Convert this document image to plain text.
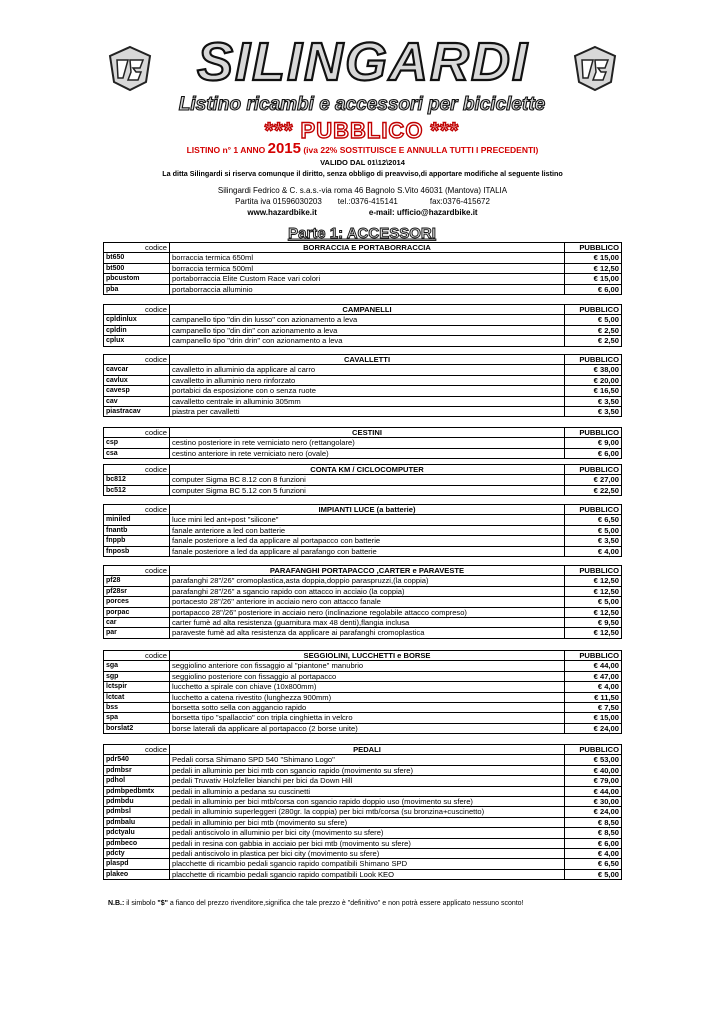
SILINGARDI
Listino ricambi e accessori per biciclette
*** PUBBLICO ***
LISTINO n° 1 ANNO 2015 (iva 22% SOSTITUISCE E ANNULLA TUTTI I PRECEDENTI)
VALIDO DAL 01\12\2014
La ditta Silingardi si riserva comunque il diritto, senza obbligo di preavviso,di apportare modifiche al seguente listino
Silingardi Fedrico & C. s.a.s.-via roma 46 Bagnolo S.Vito 46031 (Mantova) ITALIA
Partita iva 01596030203 tel.:0376-415141	fax:0376-415672
www.hazardbike.it	e-mail: ufficio@hazardbike.it
Parte 1: ACCESSORI
codice	BORRACCIA E PORTABORRACCIA	PUBBLICO
bt650	borraccia termica 650ml	€ 15,00
bt500	borraccia termica 500ml	€ 12,50
pbcustom	portaborraccia Elite Custom Race vari colori	€ 15,00
pba	portaborraccia alluminio	€ 6,00
codice	CAMPANELLI	PUBBLICO
cpldinlux	campanello tipo "din din lusso" con azionamento a leva	€ 5,00
cpldin	campanello tipo "din din" con azionamento a leva	€ 2,50
cplux	campanello tipo "drin drin" con azionamento a leva	€ 2,50
codice	CAVALLETTI	PUBBLICO
cavcar	cavalletto in alluminio da applicare al carro	€ 38,00
cavlux	cavalletto in alluminio nero rinforzato	€ 20,00
cavesp	portabici da esposizione con o senza ruote	€ 16,50
cav	cavalletto centrale in alluminio 305mm	€ 3,50
piastracav	piastra per cavalletti	€ 3,50
codice	CESTINI	PUBBLICO
csp	cestino posteriore in rete verniciato nero (rettangolare)	€ 9,00
csa	cestino anteriore in rete verniciato nero (ovale)	€ 6,00
codice	CONTA KM / CICLOCOMPUTER	PUBBLICO
bc812	computer Sigma BC 8.12 con 8 funzioni	€ 27,00
bc512	computer Sigma BC 5.12 con 5 funzioni	€ 22,50
codice	IMPIANTI LUCE (a batterie)	PUBBLICO
miniled	luce mini led ant+post "silicone"	€ 6,50
fnantb	fanale anteriore a led con batterie	€ 5,00
fnppb	fanale posteriore a led da applicare al portapacco con batterie	€ 3,50
fnposb	fanale posteriore a led da applicare al parafango con batterie	€ 4,00
codice	PARAFANGHI PORTAPACCO ,CARTER e PARAVESTE	PUBBLICO
pf28	parafanghi 28"/26" cromoplastica,asta doppia,doppio paraspruzzi,(la coppia)	€ 12,50
pf28sr	parafanghi 28"/26" a sgancio rapido con attacco in acciaio (la coppia)	€ 12,50
porces	portacesto 28"/26" anteriore in acciaio nero con attacco fanale	€ 5,00
porpac	portapacco 28"/26" posteriore in acciaio nero (inclinazione regolabile attacco compreso)	€ 12,50
car	carter fumè ad alta resistenza (guarnitura max 48 denti),flangia inclusa	€ 9,50
par	paraveste fumè ad alta resistenza da applicare ai parafanghi cromoplastica	€ 12,50
codice	SEGGIOLINI, LUCCHETTI e BORSE	PUBBLICO
sga	seggiolino anteriore con fissaggio al "piantone" manubrio	€ 44,00
sgp	seggiolino posteriore con fissaggio al portapacco	€ 47,00
lctspir	lucchetto a spirale con chiave (10x800mm)	€ 4,00
lctcat	lucchetto a catena rivestito (lunghezza 900mm)	€ 11,50
bss	borsetta sotto sella con aggancio rapido	€ 7,50
spa	borsetta tipo "spallaccio" con tripla cinghietta in velcro	€ 15,00
borslat2	borse laterali da applicare al portapacco (2 borse unite)	€ 24,00
codice	PEDALI	PUBBLICO
pdr540	Pedali corsa Shimano SPD 540 "Shimano Logo"	€ 53,00
pdmbsr	pedali in alluminio per bici mtb con sgancio rapido (movimento su sfere)	€ 40,00
pdhol	pedali Truvativ Holzfeller bianchi per bici da Down Hill	€ 79,00
pdmbpedbmtx	pedali in alluminio a pedana su cuscinetti	€ 44,00
pdmbdu	pedali in alluminio per bici mtb/corsa con sgancio rapido doppio uso (movimento su sfere)	€ 30,00
pdmbsl	pedali in alluminio superleggeri (280gr. la coppia) per bici mtb/corsa (su bronzina+cuscinetto)	€ 24,00
pdmbalu	pedali in alluminio per bici mtb (movimento su sfere)	€ 8,50
pdctyalu	pedali antiscivolo in alluminio per bici city (movimento su sfere)	€ 8,50
pdmbeco	pedali in resina con gabbia in acciaio per bici mtb (movimento su sfere)	€ 6,00
pdcty	pedali antiscivolo in plastica per bici city (movimento su sfere)	€ 4,00
plaspd	placchette di ricambio pedali sgancio rapido compatibili Shimano SPD	€ 6,50
plakeo	placchette di ricambio pedali sgancio rapido compatibili Look KEO	€ 5,00
N.B.: il simbolo "$" a fianco del prezzo rivenditore,significa che tale prezzo è "definitivo" e non potrà essere applicato nessuno sconto!
